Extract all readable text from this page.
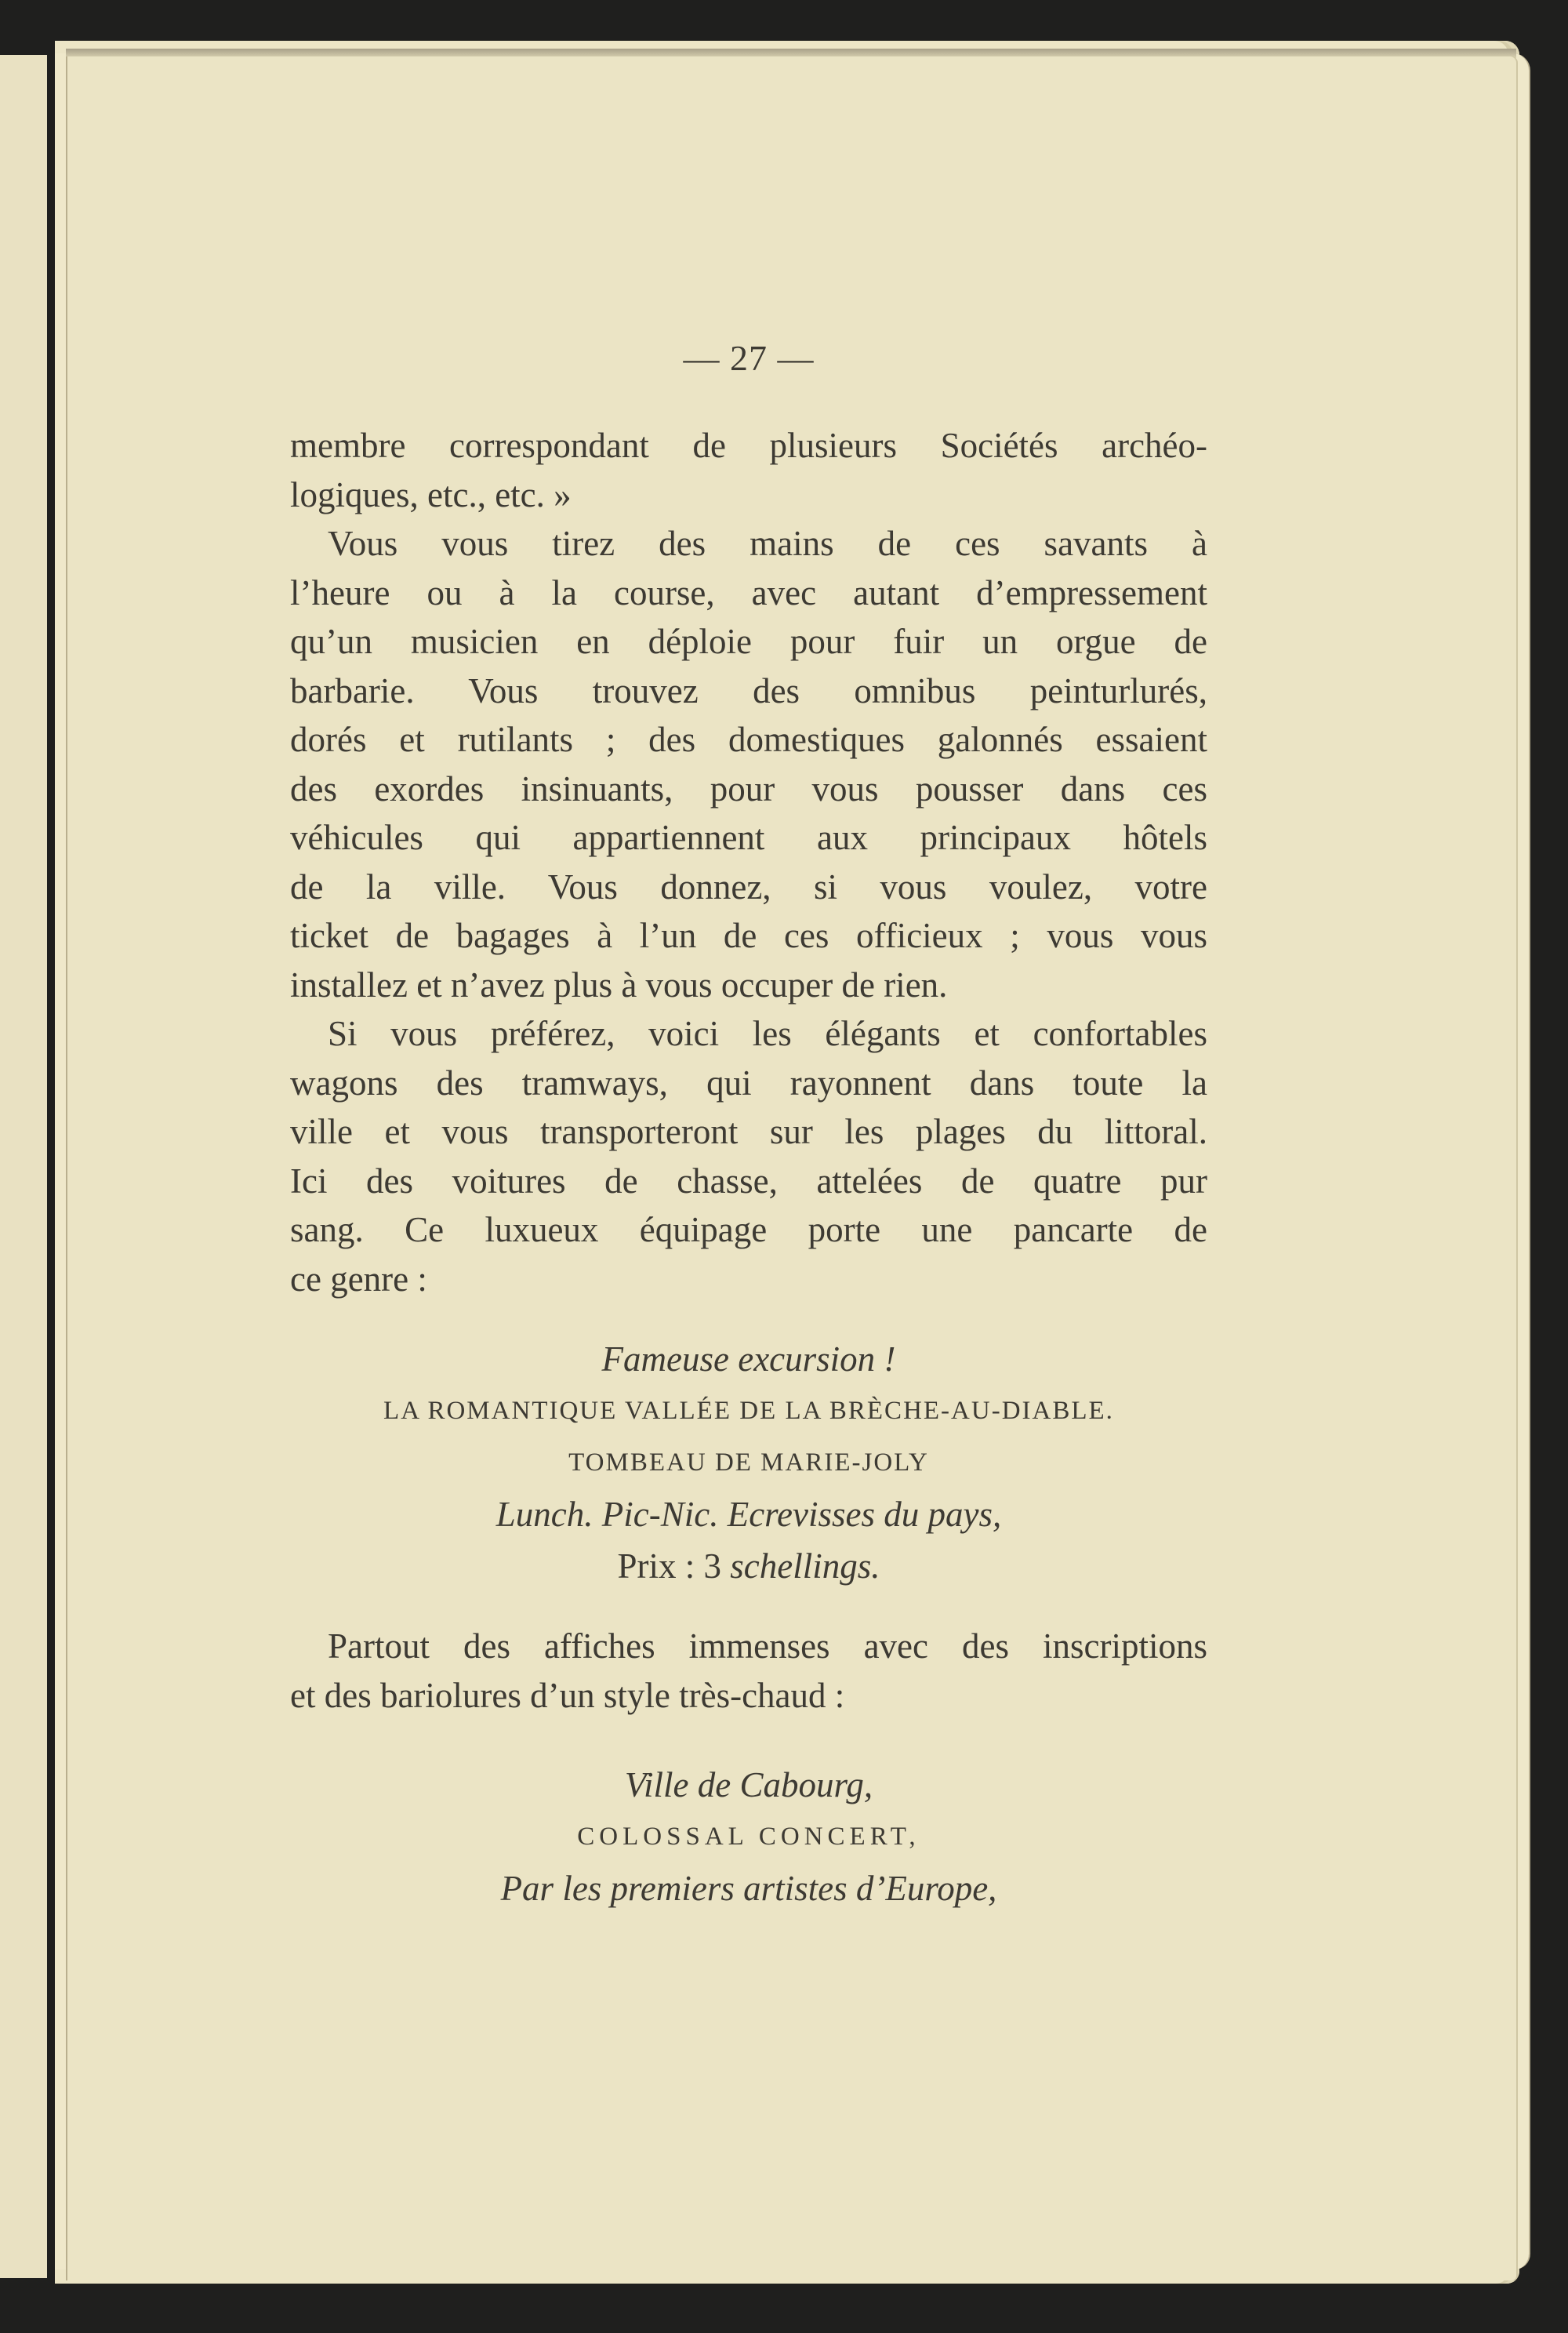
— 27 —
membre correspondant de plusieurs Sociétés archéo-
logiques, etc., etc. »
Vous vous tirez des mains de ces savants à
l’heure ou à la course, avec autant d’empressement
qu’un musicien en déploie pour fuir un orgue de
barbarie. Vous trouvez des omnibus peinturlurés,
dorés et rutilants ; des domestiques galonnés essaient
des exordes insinuants, pour vous pousser dans ces
véhicules qui appartiennent aux principaux hôtels
de la ville. Vous donnez, si vous voulez, votre
ticket de bagages à l’un de ces officieux ; vous vous
installez et n’avez plus à vous occuper de rien.
Si vous préférez, voici les élégants et confortables
wagons des tramways, qui rayonnent dans toute la
ville et vous transporteront sur les plages du littoral.
Ici des voitures de chasse, attelées de quatre pur
sang. Ce luxueux équipage porte une pancarte de
ce genre :
Fameuse excursion !
LA ROMANTIQUE VALLÉE DE LA BRÈCHE-AU-DIABLE.
TOMBEAU DE MARIE-JOLY
Lunch. Pic-Nic. Ecrevisses du pays,
Prix : 3 schellings.
Partout des affiches immenses avec des inscriptions
et des bariolures d’un style très-chaud :
Ville de Cabourg,
COLOSSAL CONCERT,
Par les premiers artistes d’Europe,
